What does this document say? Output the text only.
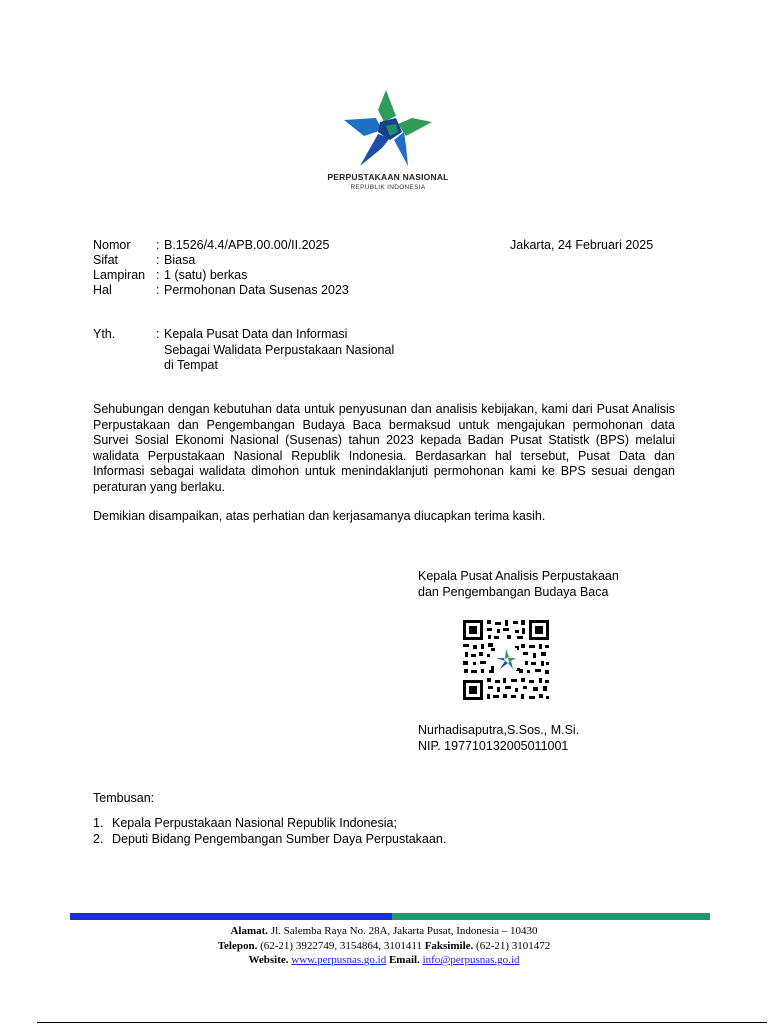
PERPUSTAKAAN NASIONAL
REPUBLIK INDONESIA
Nomor	: B.1526/4.4/APB.00.00/II.2025
Sifat	: Biasa
Lampiran : 1 (satu) berkas
Hal	: Permohonan Data Susenas 2023
Jakarta, 24 Februari 2025
Yth.	: Kepala Pusat Data dan Informasi
Sebagai Walidata Perpustakaan Nasional
di Tempat
Sehubungan dengan kebutuhan data untuk penyusunan dan analisis kebijakan, kami dari Pusat Analisis Perpustakaan dan Pengembangan Budaya Baca bermaksud untuk mengajukan permohonan data Survei Sosial Ekonomi Nasional (Susenas) tahun 2023 kepada Badan Pusat Statistk (BPS) melalui walidata Perpustakaan Nasional Republik Indonesia. Berdasarkan hal tersebut, Pusat Data dan Informasi sebagai walidata dimohon untuk menindaklanjuti permohonan kami ke BPS sesuai dengan peraturan yang berlaku.
Demikian disampaikan, atas perhatian dan kerjasamanya diucapkan terima kasih.
Kepala Pusat Analisis Perpustakaan
dan Pengembangan Budaya Baca
Nurhadisaputra,S.Sos., M.Si.
NIP. 197710132005011001
Tembusan:
1. Kepala Perpustakaan Nasional Republik Indonesia;
2. Deputi Bidang Pengembangan Sumber Daya Perpustakaan.
Alamat. Jl. Salemba Raya No. 28A, Jakarta Pusat, Indonesia – 10430
Telepon. (62-21) 3922749, 3154864, 3101411 Faksimile. (62-21) 3101472
Website. www.perpusnas.go.id Email. info@perpusnas.go.id
